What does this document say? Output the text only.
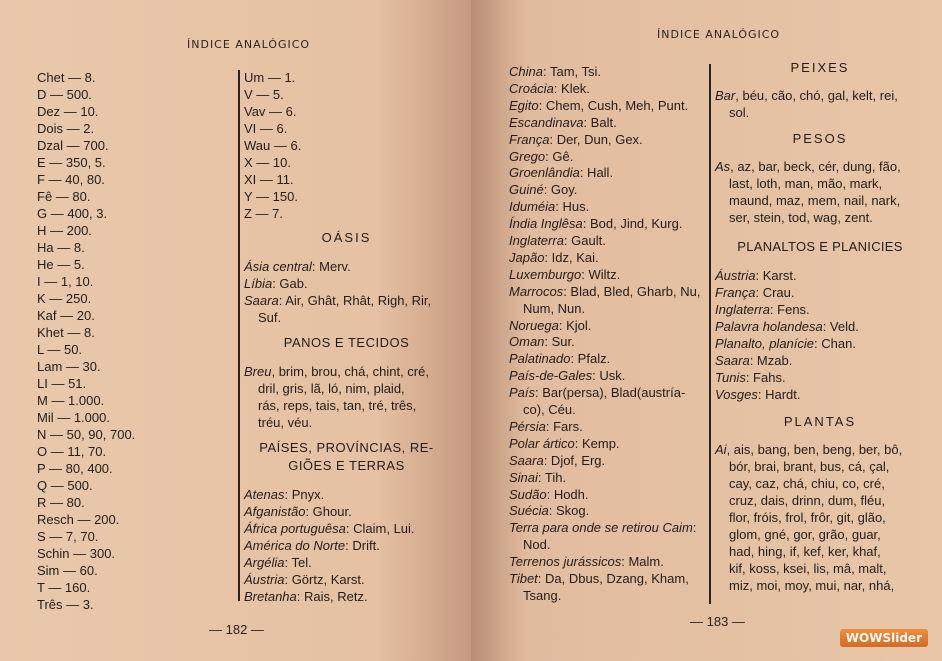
ÍNDICE ANALÓGICO
Chet — 8.
D — 500.
Dez — 10.
Dois — 2.
Dzal — 700.
E — 350, 5.
F — 40, 80.
Fê — 80.
G — 400, 3.
H — 200.
Ha — 8.
He — 5.
I — 1, 10.
K — 250.
Kaf — 20.
Khet — 8.
L — 50.
Lam — 30.
LI — 51.
M — 1.000.
Mil — 1.000.
N — 50, 90, 700.
O — 11, 70.
P — 80, 400.
Q — 500.
R — 80.
Resch — 200.
S — 7, 70.
Schin — 300.
Sim — 60.
T — 160.
Três — 3.
Um — 1.
V — 5.
Vav — 6.
VI — 6.
Wau — 6.
X — 10.
XI — 11.
Y — 150.
Z — 7.
OÁSIS
Ásia central: Merv.
Líbia: Gab.
Saara: Air, Ghât, Rhât, Righ, Rir,
Suf.
PANOS E TECIDOS
Breu, brim, brou, chá, chint, cré,
dril, gris, lã, ló, nim, plaid,
rás, reps, tais, tan, tré, três,
tréu, véu.
PAÍSES, PROVÍNCIAS, RE-
GIÕES E TERRAS
Atenas: Pnyx.
Afganistão: Ghour.
África portuguêsa: Claim, Lui.
América do Norte: Drift.
Argélia: Tel.
Áustria: Görtz, Karst.
Bretanha: Rais, Retz.
— 182 —
ÍNDICE ANALÓGICO
China: Tam, Tsi.
Croácia: Klek.
Egito: Chem, Cush, Meh, Punt.
Escandinava: Balt.
França: Der, Dun, Gex.
Grego: Gê.
Groenlândia: Hall.
Guiné: Goy.
Iduméia: Hus.
Índia Inglêsa: Bod, Jind, Kurg.
Inglaterra: Gault.
Japão: Idz, Kai.
Luxemburgo: Wiltz.
Marrocos: Blad, Bled, Gharb, Nu,
Num, Nun.
Noruega: Kjol.
Oman: Sur.
Palatinado: Pfalz.
País-de-Gales: Usk.
País: Bar(persa), Blad(austría-
co), Céu.
Pérsia: Fars.
Polar ártico: Kemp.
Saara: Djof, Erg.
Sinai: Tih.
Sudão: Hodh.
Suécia: Skog.
Terra para onde se retirou Caim:
Nod.
Terrenos jurássicos: Malm.
Tibet: Da, Dbus, Dzang, Kham,
Tsang.
PEIXES
Bar, béu, cão, chó, gal, kelt, rei,
sol.
PESOS
As, az, bar, beck, cér, dung, fão,
last, loth, man, mão, mark,
maund, maz, mem, nail, nark,
ser, stein, tod, wag, zent.
PLANALTOS E PLANICIES
Áustria: Karst.
França: Crau.
Inglaterra: Fens.
Palavra holandesa: Veld.
Planalto, planície: Chan.
Saara: Mzab.
Tunis: Fahs.
Vosges: Hardt.
PLANTAS
Ai, ais, bang, ben, beng, ber, bô,
bór, brai, brant, bus, cá, çal,
cay, caz, chá, chiu, co, cré,
cruz, dais, drinn, dum, fléu,
flor, fróis, frol, frôr, git, glão,
glom, gné, gor, grão, guar,
had, hing, if, kef, ker, khaf,
kif, koss, ksei, lis, mâ, malt,
miz, moi, moy, mui, nar, nhá,
— 183 —
WOWSlider
